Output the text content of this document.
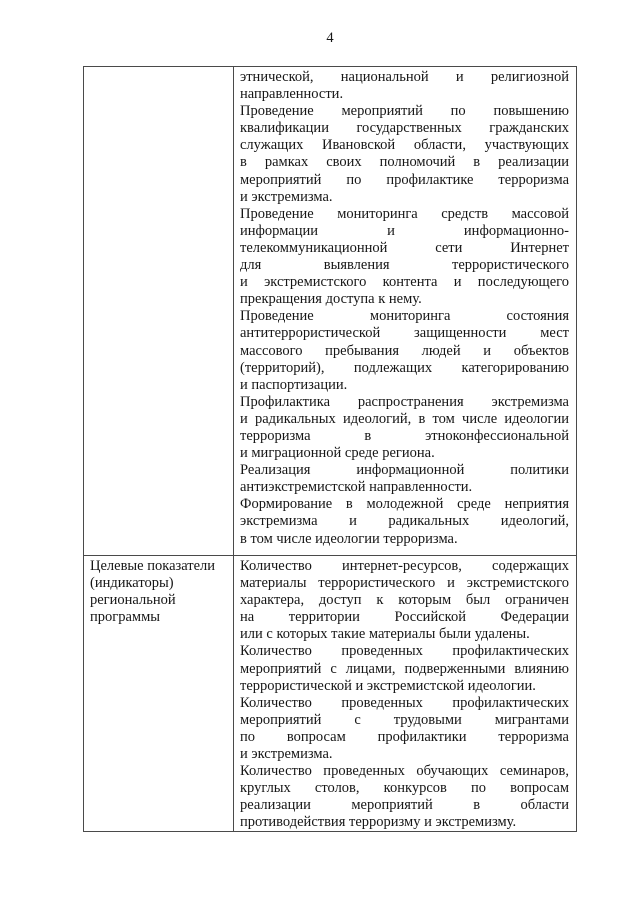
4
этнической, национальной и религиозной
направленности.
Проведение мероприятий по повышению
квалификации государственных гражданских
служащих Ивановской области, участвующих
в рамках своих полномочий в реализации
мероприятий по профилактике терроризма
и экстремизма.
Проведение мониторинга средств массовой
информации и информационно-
телекоммуникационной сети Интернет
для выявления террористического
и экстремистского контента и последующего
прекращения доступа к нему.
Проведение мониторинга состояния
антитеррористической защищенности мест
массового пребывания людей и объектов
(территорий), подлежащих категорированию
и паспортизации.
Профилактика распространения экстремизма
и радикальных идеологий, в том числе идеологии
терроризма в этноконфессиональной
и миграционной среде региона.
Реализация информационной политики
антиэкстремистской направленности.
Формирование в молодежной среде неприятия
экстремизма и радикальных идеологий,
в том числе идеологии терроризма.
Целевые показатели
(индикаторы)
региональной
программы
Количество интернет-ресурсов, содержащих
материалы террористического и экстремистского
характера, доступ к которым был ограничен
на территории Российской Федерации
или с которых такие материалы были удалены.
Количество проведенных профилактических
мероприятий с лицами, подверженными влиянию
террористической и экстремистской идеологии.
Количество проведенных профилактических
мероприятий с трудовыми мигрантами
по вопросам профилактики терроризма
и экстремизма.
Количество проведенных обучающих семинаров,
круглых столов, конкурсов по вопросам
реализации мероприятий в области
противодействия терроризму и экстремизму.
